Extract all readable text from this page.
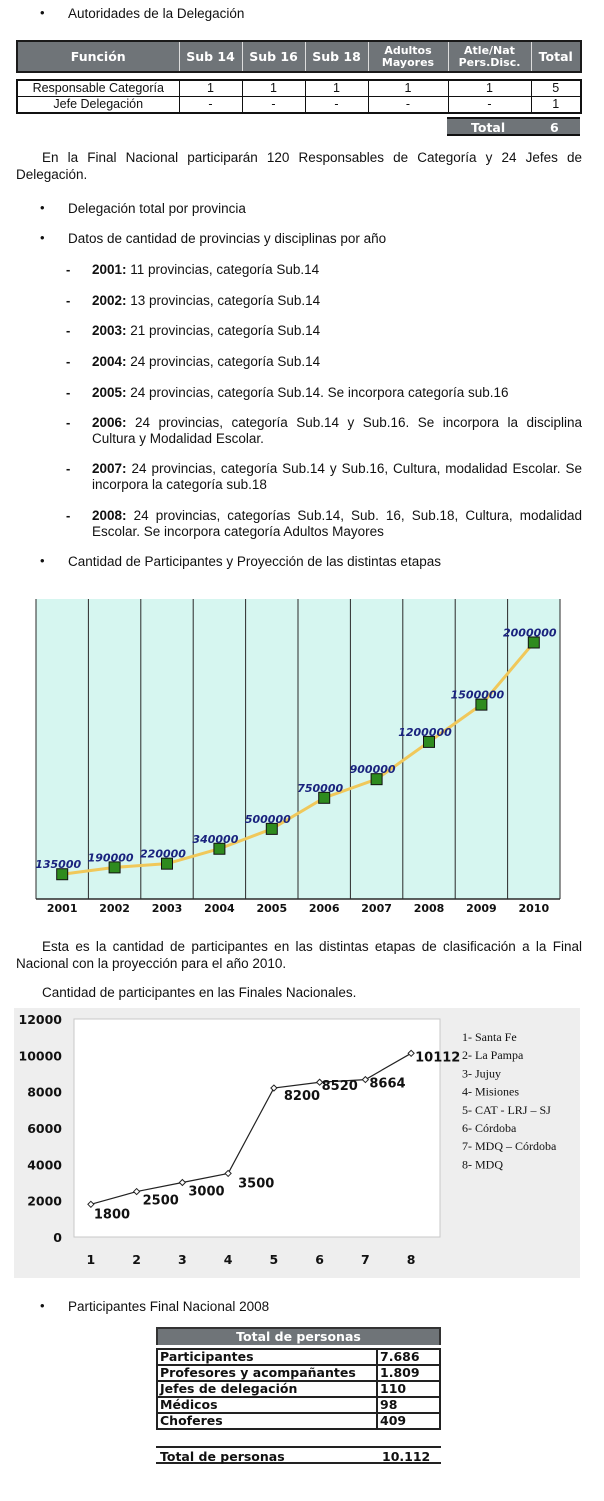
• Autoridades de la Delegación
Función	Sub 14	Sub 16	Sub 18	Adultos Mayores	Atle/Nat Pers.Disc.	Total

Responsable Categoría	1	1	1	1	1	5
Jefe Delegación	-	-	-	-	-	1
Total	6
En la Final Nacional participarán 120 Responsables de Categoría y 24 Jefes de Delegación.
• Delegación total por provincia
• Datos de cantidad de provincias y disciplinas por año
- 2001: 11 provincias, categoría Sub.14
- 2002: 13 provincias, categoría Sub.14
- 2003: 21 provincias, categoría Sub.14
- 2004: 24 provincias, categoría Sub.14
- 2005: 24 provincias, categoría Sub.14. Se incorpora categoría sub.16
- 2006: 24 provincias, categoría Sub.14 y Sub.16. Se incorpora la disciplina Cultura y Modalidad Escolar.
- 2007: 24 provincias, categoría Sub.14 y Sub.16, Cultura, modalidad Escolar. Se incorpora la categoría sub.18
- 2008: 24 provincias, categorías Sub.14, Sub. 16, Sub.18, Cultura, modalidad Escolar. Se incorpora categoría Adultos Mayores
• Cantidad de Participantes y Proyección de las distintas etapas
135000
2001
190000
2002
220000
2003
340000
2004
500000
2005
750000
2006
900000
2007
1200000
2008
1500000
2009
2000000
2010
Esta es la cantidad de participantes en las distintas etapas de clasificación a la Final Nacional con la proyección para el año 2010.
Cantidad de participantes en las Finales Nacionales.
0
2000
4000
6000
8000
10000
12000
1800
1
2500
2
3000
3
3500
4
8200
5
8520
6
8664
7
10112
8
1- Santa Fe
2- La Pampa
3- Jujuy
4- Misiones
5- CAT - LRJ – SJ
6- Córdoba
7- MDQ – Córdoba
8- MDQ
• Participantes Final Nacional 2008
Total de personas
Participantes	7.686
Profesores y acompañantes	1.809
Jefes de delegación	110
Médicos	98
Choferes	409
Total de personas	10.112
